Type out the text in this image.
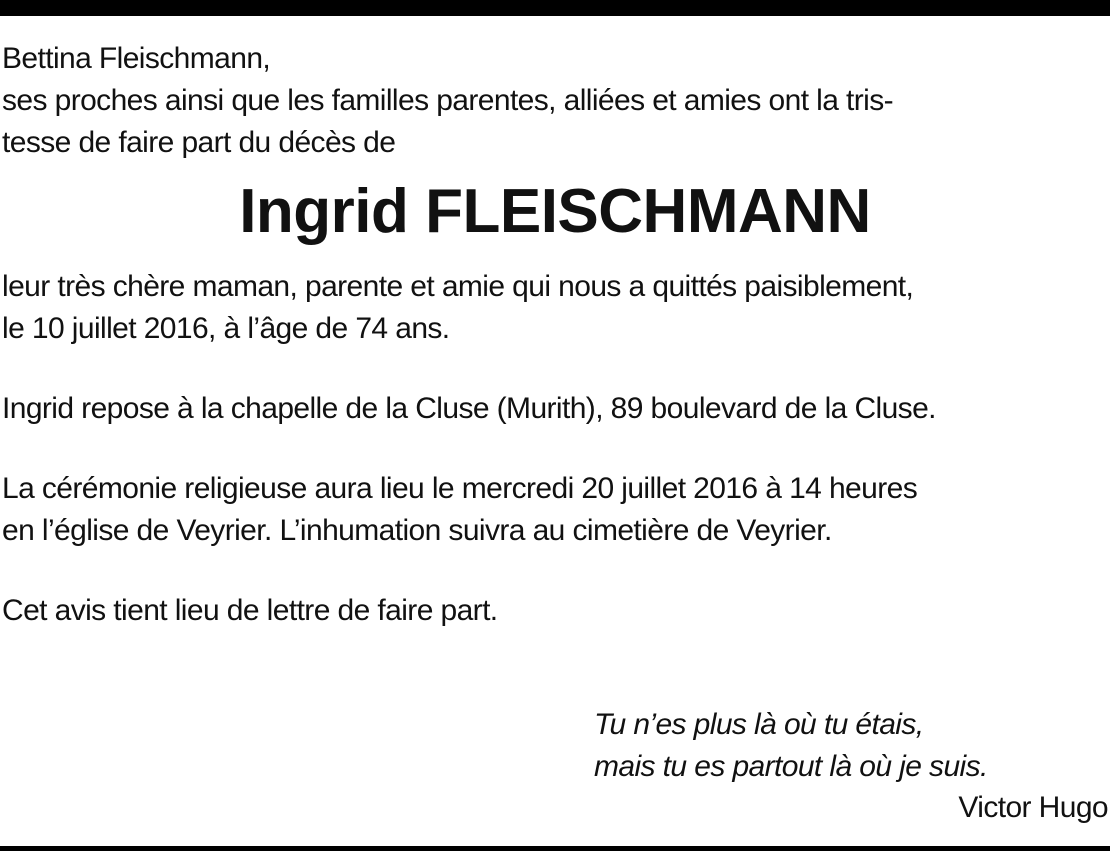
Bettina Fleischmann,
ses proches ainsi que les familles parentes, alliées et amies ont la tris-
tesse de faire part du décès de
Ingrid FLEISCHMANN
leur très chère maman, parente et amie qui nous a quittés paisiblement,
le 10 juillet 2016, à l’âge de 74 ans.
Ingrid repose à la chapelle de la Cluse (Murith), 89 boulevard de la Cluse.
La cérémonie religieuse aura lieu le mercredi 20 juillet 2016 à 14 heures
en l’église de Veyrier. L’inhumation suivra au cimetière de Veyrier.
Cet avis tient lieu de lettre de faire part.
Tu n’es plus là où tu étais,
mais tu es partout là où je suis.
Victor Hugo
